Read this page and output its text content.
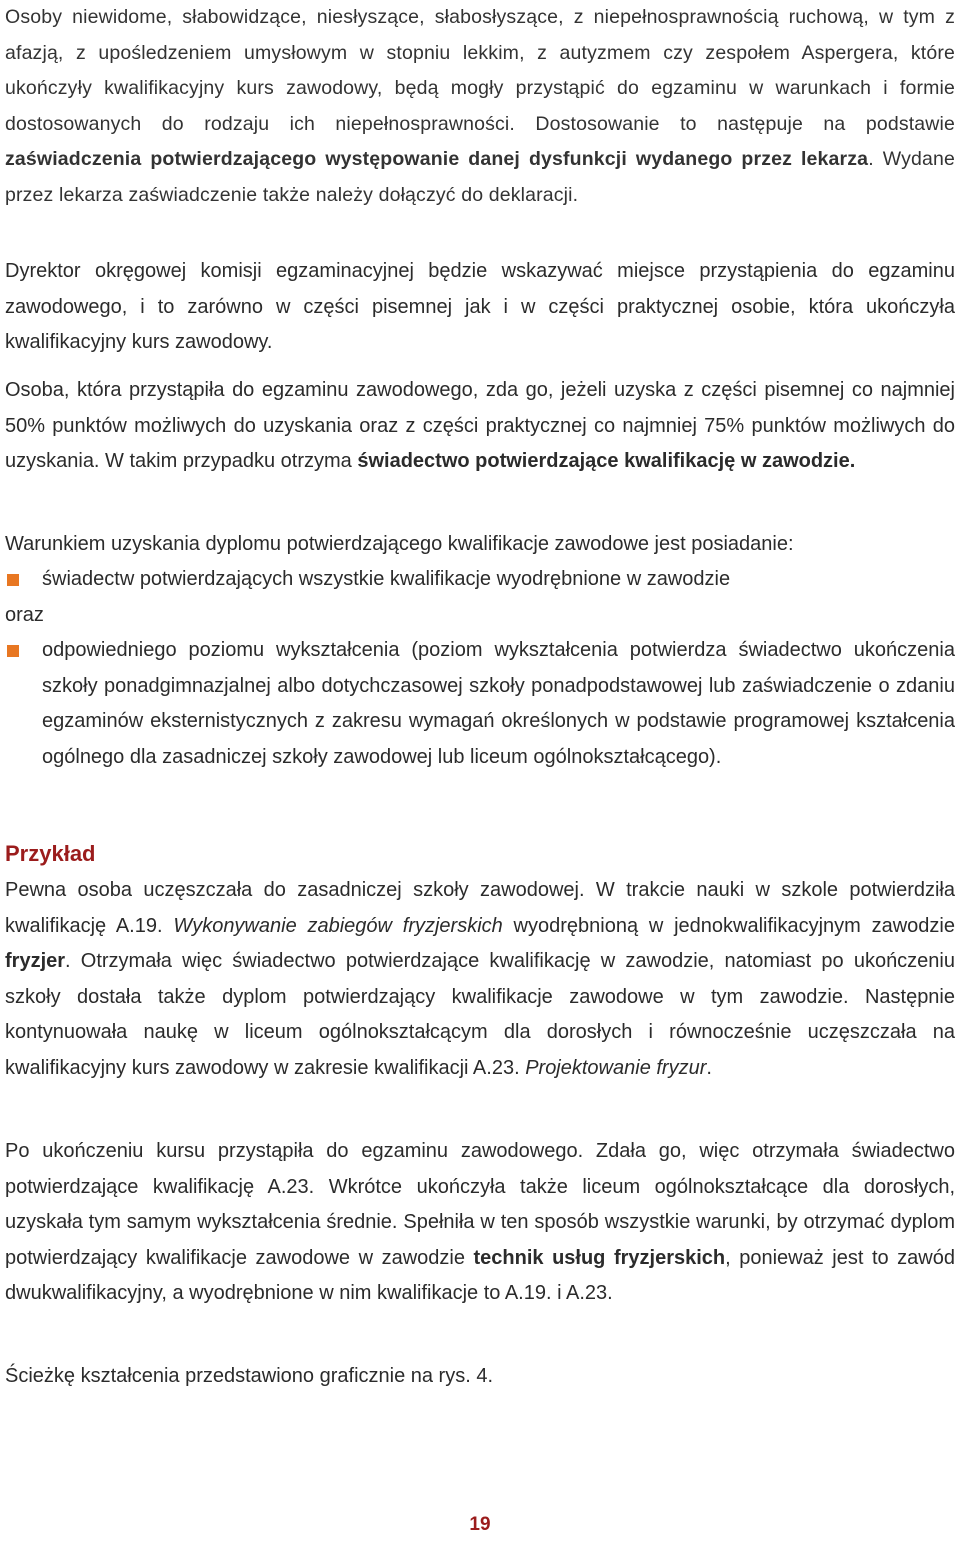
Osoby niewidome, słabowidzące, niesłyszące, słabosłyszące, z niepełnosprawnością ruchową, w tym z afazją, z upośledzeniem umysłowym w stopniu lekkim, z autyzmem czy zespołem Aspergera, które ukończyły kwalifikacyjny kurs zawodowy, będą mogły przystąpić do egzaminu w warunkach i formie dostosowanych do rodzaju ich niepełnosprawności. Dostosowanie to następuje na podstawie zaświadczenia potwierdzającego występowanie danej dysfunkcji wydanego przez lekarza. Wydane przez lekarza zaświadczenie także należy dołączyć do deklaracji.

Dyrektor okręgowej komisji egzaminacyjnej będzie wskazywać miejsce przystąpienia do egzaminu zawodowego, i to zarówno w części pisemnej jak i w części praktycznej osobie, która ukończyła kwalifikacyjny kurs zawodowy.

Osoba, która przystąpiła do egzaminu zawodowego, zda go, jeżeli uzyska z części pisemnej co najmniej 50% punktów możliwych do uzyskania oraz z części praktycznej co najmniej 75% punktów możliwych do uzyskania. W takim przypadku otrzyma świadectwo potwierdzające kwalifikację w zawodzie.

Warunkiem uzyskania dyplomu potwierdzającego kwalifikacje zawodowe jest posiadanie:

świadectw potwierdzających wszystkie kwalifikacje wyodrębnione w zawodzie
oraz
odpowiedniego poziomu wykształcenia (poziom wykształcenia potwierdza świadectwo ukończenia szkoły ponadgimnazjalnej albo dotychczasowej szkoły ponadpodstawowej lub zaświadczenie o zdaniu egzaminów eksternistycznych z zakresu wymagań określonych w podstawie programowej kształcenia ogólnego dla zasadniczej szkoły zawodowej lub liceum ogólnokształcącego).
Przykład

Pewna osoba uczęszczała do zasadniczej szkoły zawodowej. W trakcie nauki w szkole potwierdziła kwalifikację A.19. Wykonywanie zabiegów fryzjerskich wyodrębnioną w jednokwalifikacyjnym zawodzie fryzjer. Otrzymała więc świadectwo potwierdzające kwalifikację w zawodzie, natomiast po ukończeniu szkoły dostała także dyplom potwierdzający kwalifikacje zawodowe w tym zawodzie. Następnie kontynuowała naukę w liceum ogólnokształcącym dla dorosłych i równocześnie uczęszczała na kwalifikacyjny kurs zawodowy w zakresie kwalifikacji A.23. Projektowanie fryzur.

Po ukończeniu kursu przystąpiła do egzaminu zawodowego. Zdała go, więc otrzymała świadectwo potwierdzające kwalifikację A.23. Wkrótce ukończyła także liceum ogólnokształcące dla dorosłych, uzyskała tym samym wykształcenia średnie. Spełniła w ten sposób wszystkie warunki, by otrzymać dyplom potwierdzający kwalifikacje zawodowe w zawodzie technik usług fryzjerskich, ponieważ jest to zawód dwukwalifikacyjny, a wyodrębnione w nim kwalifikacje to A.19. i A.23.

Ścieżkę kształcenia przedstawiono graficznie na rys. 4.

19
